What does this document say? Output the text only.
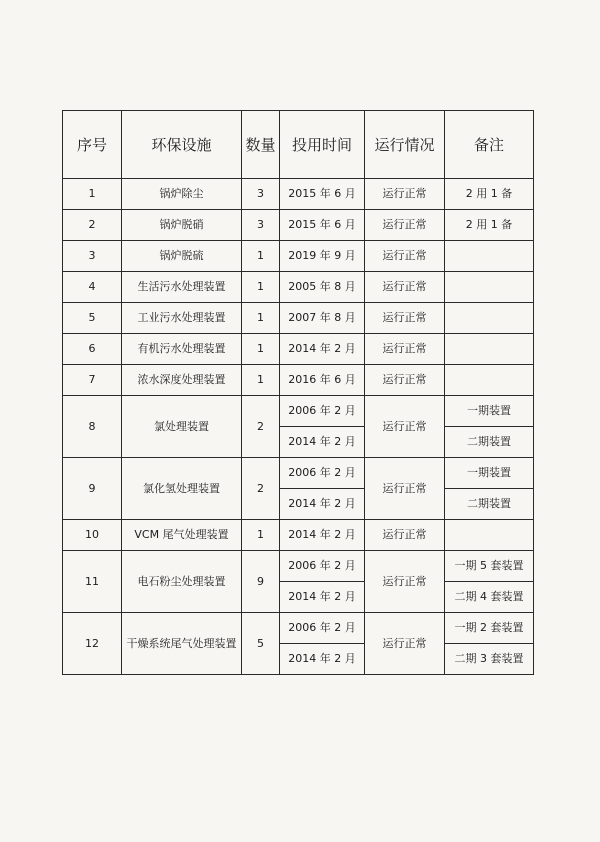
序号	环保设施	数量	投用时间	运行情况	备注
1	锅炉除尘	3	2015 年 6 月	运行正常	2 用 1 备
2	锅炉脱硝	3	2015 年 6 月	运行正常	2 用 1 备
3	锅炉脱硫	1	2019 年 9 月	运行正常	
4	生活污水处理装置	1	2005 年 8 月	运行正常	
5	工业污水处理装置	1	2007 年 8 月	运行正常	
6	有机污水处理装置	1	2014 年 2 月	运行正常	
7	浓水深度处理装置	1	2016 年 6 月	运行正常	
8	氯处理装置	2	2006 年 2 月	运行正常	一期装置
			2014 年 2 月		二期装置
9	氯化氢处理装置	2	2006 年 2 月	运行正常	一期装置
			2014 年 2 月		二期装置
10	VCM 尾气处理装置	1	2014 年 2 月	运行正常	
11	电石粉尘处理装置	9	2006 年 2 月	运行正常	一期 5 套装置
			2014 年 2 月		二期 4 套装置
12	干燥系统尾气处理装置	5	2006 年 2 月	运行正常	一期 2 套装置
			2014 年 2 月		二期 3 套装置
